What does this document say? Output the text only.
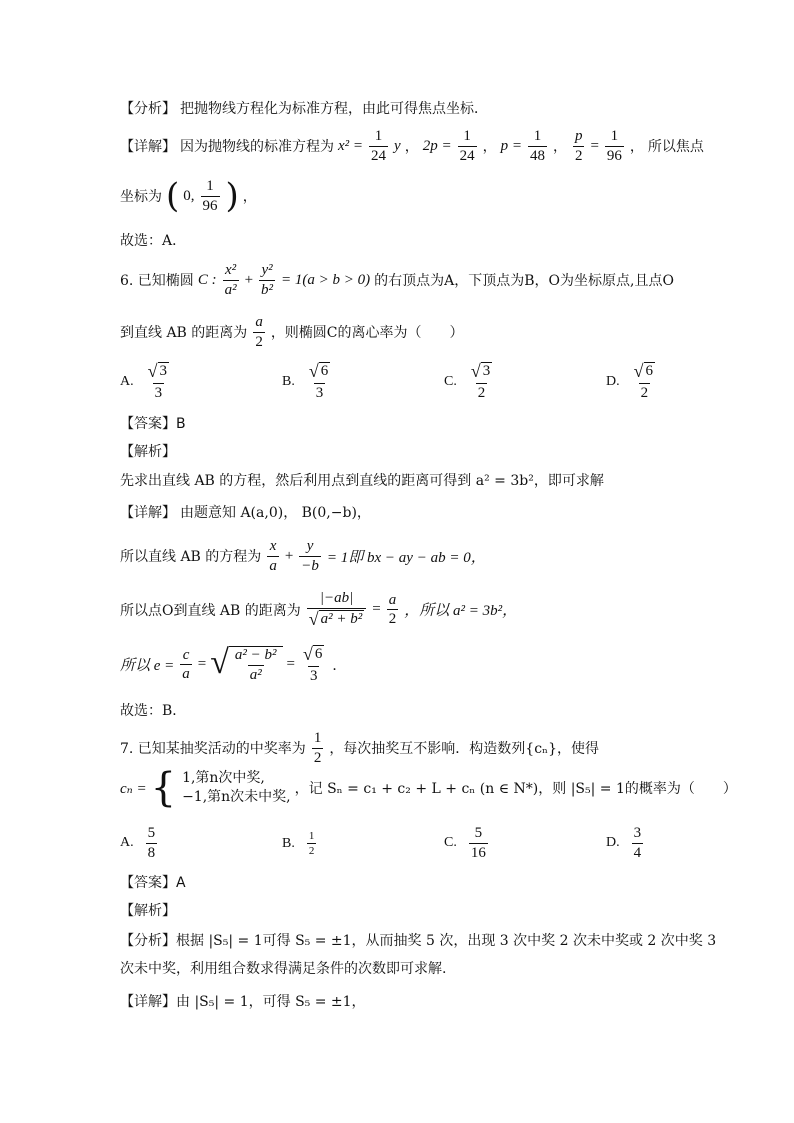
【分析】 把抛物线方程化为标准方程，由此可得焦点坐标．
【详解】 因为抛物线的标准方程为 $x^2 = \frac{1}{24}$ y ， $2p = \frac{1}{24}$ ， $p = \frac{1}{48}$ ， $\frac{p}{2} = \frac{1}{96}$ ， 所以焦点
坐标为 ( 0, $\frac{1}{96}$ ) ，
故选：A．
6. 已知椭圆 C : $\frac{\text{x²}}{\text{a²}} + \frac{\text{y²}}{\text{b²}} = 1(a > b > 0)$ 的右顶点为A，下顶点为B，O为坐标原点,且点O
到直线 AB 的距离为 $\frac{a}{2}$ ，则椭圆C的离心率为（　　）
A. $\frac{√ 3}{3}$	B. $\frac{√ 6}{3}$	C. $\frac{√ 3}{2}$	D. $\frac{√ 6}{2}$
【答案】B
【解析】
先求出直线 AB 的方程，然后利用点到直线的距离可得到 a² = 3b²，即可求解
【详解】 由题意知 A(a,0)， B(0,−b)，
所以直线 AB 的方程为 $\frac{x}{a} + \frac{y}{-b} = 1$即 bx − ay − ab = 0，
所以点O到直线 AB 的距离为 $\frac{|-ab|}{\text{√ a² + b²}} = \frac{a}{2}$ ，所以 a² = 3b²，
所以 $e = \frac{c}{a}$ = √ $\frac{\text{a² − b²}}{\text{a²}} = \frac{√ 6}{3}$ ．
故选：B．
7. 已知某抽奖活动的中奖率为 $\frac{1}{2}$ ，每次抽奖互不影响．构造数列{cₙ}，使得
cₙ = { 1,第n次中奖,
−1,第n次未中奖, ，记 Sₙ = c₁ + c₂ + L + cₙ (n ∈ N*)，则 |S₅| = 1的概率为（　　）
A. $\frac{5}{8}$	B. $\frac{1}{2}$	C. $\frac{5}{16}$	D. $\frac{3}{4}$
【答案】A
【解析】
【分析】根据 |S₅| = 1可得 S₅ = ±1，从而抽奖 5 次，出现 3 次中奖 2 次未中奖或 2 次中奖 3
次未中奖，利用组合数求得满足条件的次数即可求解.
【详解】由 |S₅| = 1，可得 S₅ = ±1，
